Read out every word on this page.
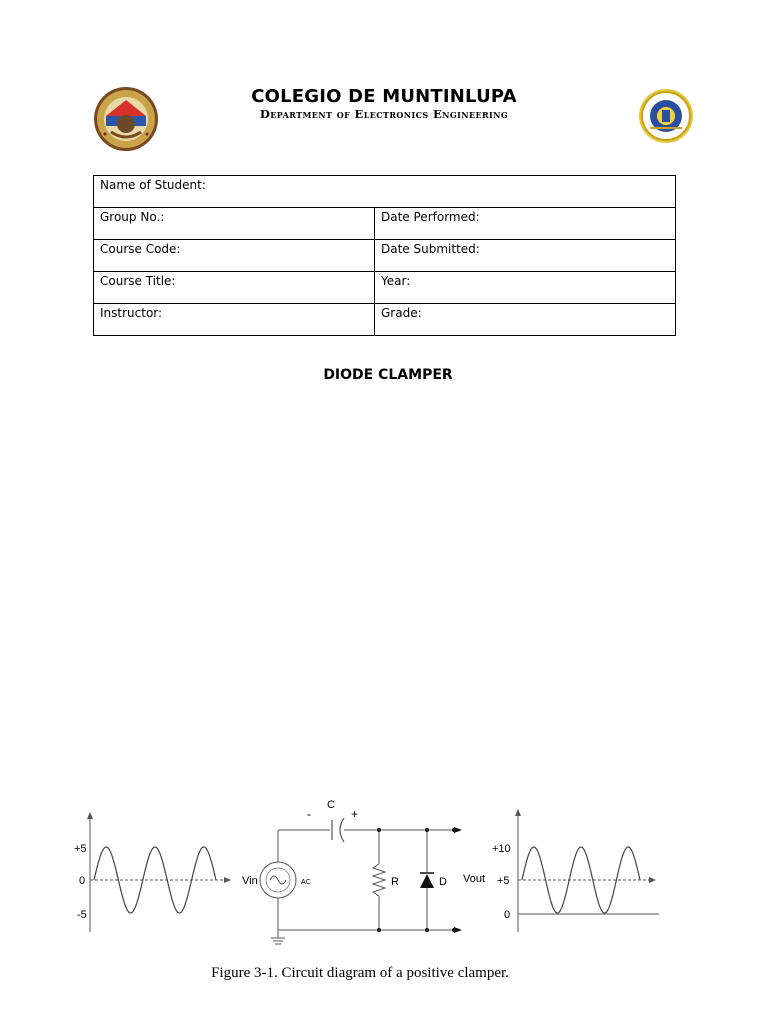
COLEGIO DE MUNTINLUPA
Department of Electronics Engineering
Name of Student:	
Group No.:	Date Performed:
Course Code:	Date Submitted:
Course Title:	Year:
Instructor:	Grade:
DIODE CLAMPER
+5
0
-5
C
-	+
Vin	AC	R	D Vout
+10
+5
0
Figure 3-1. Circuit diagram of a positive clamper.
